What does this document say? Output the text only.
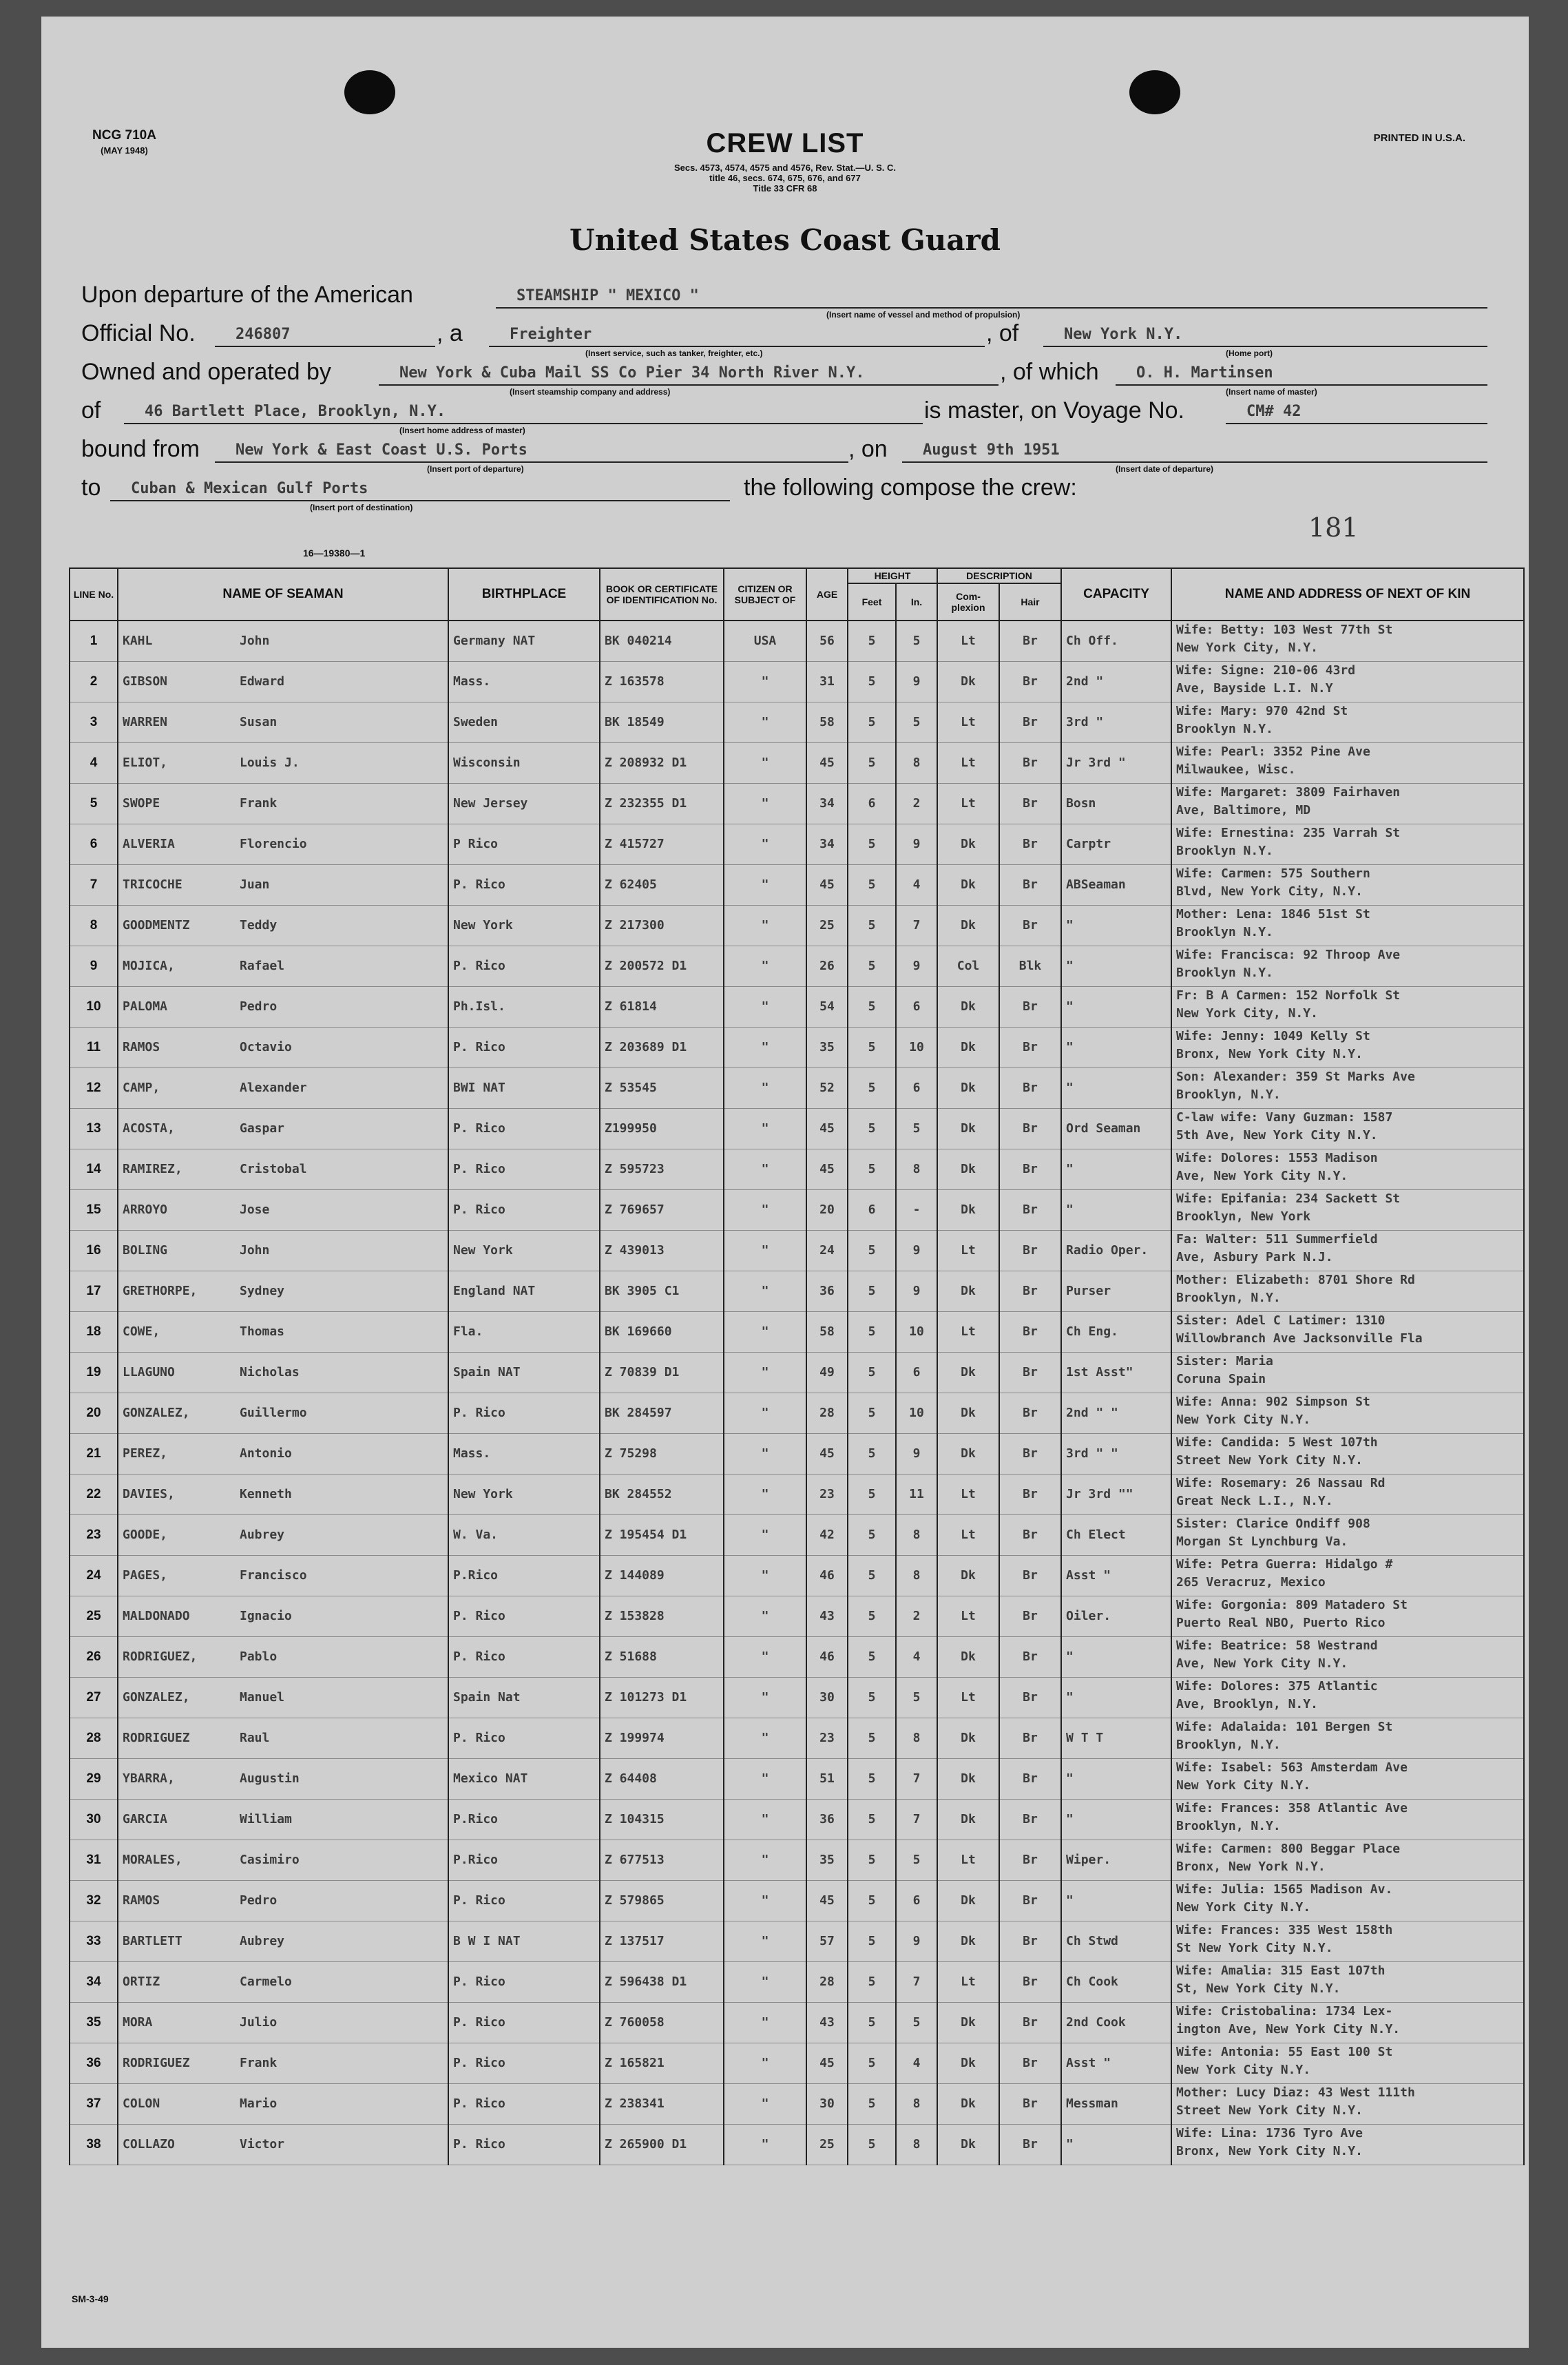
NCG 710A
(MAY 1948)
PRINTED IN U.S.A.
CREW LIST
Secs. 4573, 4574, 4575 and 4576, Rev. Stat.—U. S. C.
title 46, secs. 674, 675, 676, and 677
Title 33 CFR 68
United States Coast Guard
Upon departure of the American	STEAMSHIP " MEXICO "
(Insert name of vessel and method of propulsion)
Official No.	246807	, a	Freighter
(Insert service, such as tanker, freighter, etc.)
, of	New York N.Y.
(Home port)
Owned and operated by	New York & Cuba Mail SS Co Pier 34 North River N.Y.
(Insert steamship company and address)
, of which	O. H. Martinsen
(Insert name of master)
of	46 Bartlett Place, Brooklyn, N.Y.
(Insert home address of master)
is master, on Voyage No.	CM# 42
bound from	New York & East Coast U.S. Ports
(Insert port of departure)
, on	August 9th 1951
(Insert date of departure)
to	Cuban & Mexican Gulf Ports
(Insert port of destination)
the following compose the crew:
16—19380—1
181
LINE No.	NAME OF SEAMAN	BIRTHPLACE	BOOK OR CERTIFICATE OF IDENTIFICATION No.	CITIZEN OR SUBJECT OF	AGE	HEIGHT		DESCRIPTION		CAPACITY	NAME AND ADDRESS OF NEXT OF KIN
						Feet	In.	Com-plexion	Hair		
1	KAHL John	Germany NAT	BK 040214	USA	56	5	5	Lt	Br	Ch Off.	Wife: Betty: 103 West 77th St
New York City, N.Y.

2	GIBSON Edward	Mass.	Z 163578	"	31	5	9	Dk	Br	2nd "	Wife: Signe: 210-06 43rd
Ave, Bayside L.I. N.Y

3	WARREN Susan	Sweden	BK 18549	"	58	5	5	Lt	Br	3rd "	Wife: Mary: 970 42nd St
Brooklyn N.Y.

4	ELIOT, Louis J.	Wisconsin	Z 208932 D1	"	45	5	8	Lt	Br	Jr 3rd "	Wife: Pearl: 3352 Pine Ave
Milwaukee, Wisc.

5	SWOPE Frank	New Jersey	Z 232355 D1	"	34	6	2	Lt	Br	Bosn	Wife: Margaret: 3809 Fairhaven
Ave, Baltimore, MD

6	ALVERIA Florencio	P Rico	Z 415727	"	34	5	9	Dk	Br	Carptr	Wife: Ernestina: 235 Varrah St
Brooklyn N.Y.

7	TRICOCHE Juan	P. Rico	Z 62405	"	45	5	4	Dk	Br	ABSeaman	Wife: Carmen: 575 Southern
Blvd, New York City, N.Y.

8	GOODMENTZ Teddy	New York	Z 217300	"	25	5	7	Dk	Br	"	Mother: Lena: 1846 51st St
Brooklyn N.Y.

9	MOJICA, Rafael	P. Rico	Z 200572 D1	"	26	5	9	Col	Blk	"	Wife: Francisca: 92 Throop Ave
Brooklyn N.Y.

10	PALOMA Pedro	Ph.Isl.	Z 61814	"	54	5	6	Dk	Br	"	Fr: B A Carmen: 152 Norfolk St
New York City, N.Y.

11	RAMOS Octavio	P. Rico	Z 203689 D1	"	35	5	10	Dk	Br	"	Wife: Jenny: 1049 Kelly St
Bronx, New York City N.Y.

12	CAMP, Alexander	BWI NAT	Z 53545	"	52	5	6	Dk	Br	"	Son: Alexander: 359 St Marks Ave
Brooklyn, N.Y.

13	ACOSTA, Gaspar	P. Rico	Z199950	"	45	5	5	Dk	Br	Ord Seaman	C-law wife: Vany Guzman: 1587
5th Ave, New York City N.Y.

14	RAMIREZ, Cristobal	P. Rico	Z 595723	"	45	5	8	Dk	Br	"	Wife: Dolores: 1553 Madison
Ave, New York City N.Y.

15	ARROYO Jose	P. Rico	Z 769657	"	20	6	-	Dk	Br	"	Wife: Epifania: 234 Sackett St
Brooklyn, New York

16	BOLING John	New York	Z 439013	"	24	5	9	Lt	Br	Radio Oper.	Fa: Walter: 511 Summerfield
Ave, Asbury Park N.J.

17	GRETHORPE, Sydney	England NAT	BK 3905 C1	"	36	5	9	Dk	Br	Purser	Mother: Elizabeth: 8701 Shore Rd
Brooklyn, N.Y.

18	COWE, Thomas	Fla.	BK 169660	"	58	5	10	Lt	Br	Ch Eng.	Sister: Adel C Latimer: 1310
Willowbranch Ave Jacksonville Fla

19	LLAGUNO Nicholas	Spain NAT	Z 70839 D1	"	49	5	6	Dk	Br	1st Asst"	Sister: Maria
Coruna Spain

20	GONZALEZ, Guillermo	P. Rico	BK 284597	"	28	5	10	Dk	Br	2nd " "	Wife: Anna: 902 Simpson St
New York City N.Y.

21	PEREZ, Antonio	Mass.	Z 75298	"	45	5	9	Dk	Br	3rd " "	Wife: Candida: 5 West 107th
Street New York City N.Y.

22	DAVIES, Kenneth	New York	BK 284552	"	23	5	11	Lt	Br	Jr 3rd ""	Wife: Rosemary: 26 Nassau Rd
Great Neck L.I., N.Y.

23	GOODE, Aubrey	W. Va.	Z 195454 D1	"	42	5	8	Lt	Br	Ch Elect	Sister: Clarice Ondiff 908
Morgan St Lynchburg Va.

24	PAGES, Francisco	P.Rico	Z 144089	"	46	5	8	Dk	Br	Asst "	Wife: Petra Guerra: Hidalgo #
265 Veracruz, Mexico

25	MALDONADO Ignacio	P. Rico	Z 153828	"	43	5	2	Lt	Br	Oiler.	Wife: Gorgonia: 809 Matadero St
Puerto Real NBO, Puerto Rico

26	RODRIGUEZ, Pablo	P. Rico	Z 51688	"	46	5	4	Dk	Br	"	Wife: Beatrice: 58 Westrand
Ave, New York City N.Y.

27	GONZALEZ, Manuel	Spain Nat	Z 101273 D1	"	30	5	5	Lt	Br	"	Wife: Dolores: 375 Atlantic
Ave, Brooklyn, N.Y.

28	RODRIGUEZ Raul	P. Rico	Z 199974	"	23	5	8	Dk	Br	W T T	Wife: Adalaida: 101 Bergen St
Brooklyn, N.Y.

29	YBARRA, Augustin	Mexico NAT	Z 64408	"	51	5	7	Dk	Br	"	Wife: Isabel: 563 Amsterdam Ave
New York City N.Y.

30	GARCIA William	P.Rico	Z 104315	"	36	5	7	Dk	Br	"	Wife: Frances: 358 Atlantic Ave
Brooklyn, N.Y.

31	MORALES, Casimiro	P.Rico	Z 677513	"	35	5	5	Lt	Br	Wiper.	Wife: Carmen: 800 Beggar Place
Bronx, New York N.Y.

32	RAMOS Pedro	P. Rico	Z 579865	"	45	5	6	Dk	Br	"	Wife: Julia: 1565 Madison Av.
New York City N.Y.

33	BARTLETT Aubrey	B W I NAT	Z 137517	"	57	5	9	Dk	Br	Ch Stwd	Wife: Frances: 335 West 158th
St New York City N.Y.

34	ORTIZ Carmelo	P. Rico	Z 596438 D1	"	28	5	7	Lt	Br	Ch Cook	Wife: Amalia: 315 East 107th
St, New York City N.Y.

35	MORA Julio	P. Rico	Z 760058	"	43	5	5	Dk	Br	2nd Cook	Wife: Cristobalina: 1734 Lex-
ington Ave, New York City N.Y.

36	RODRIGUEZ Frank	P. Rico	Z 165821	"	45	5	4	Dk	Br	Asst "	Wife: Antonia: 55 East 100 St
New York City N.Y.

37	COLON Mario	P. Rico	Z 238341	"	30	5	8	Dk	Br	Messman	Mother: Lucy Diaz: 43 West 111th
Street New York City N.Y.

38	COLLAZO Victor	P. Rico	Z 265900 D1	"	25	5	8	Dk	Br	"	Wife: Lina: 1736 Tyro Ave
Bronx, New York City N.Y.
SM-3-49
